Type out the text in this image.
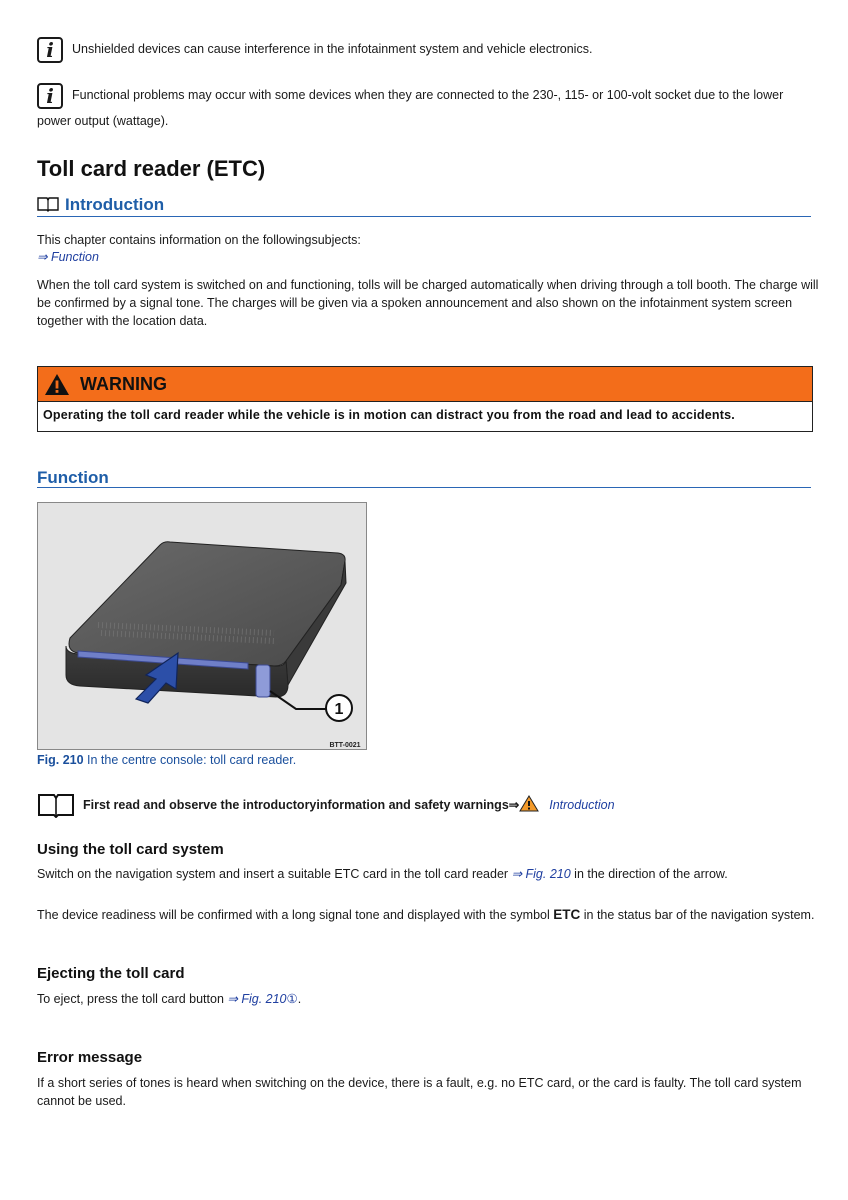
i Unshielded devices can cause interference in the infotainment system and vehicle electronics.
i Functional problems may occur with some devices when they are connected to the 230-, 115- or 100-volt socket due to the lower
power output (wattage).
Toll card reader (ETC)
Introduction
This chapter contains information on the followingsubjects:
⇒ Function
When the toll card system is switched on and functioning, tolls will be charged automatically when driving through a toll booth. The charge will
be confirmed by a signal tone. The charges will be given via a spoken announcement and also shown on the infotainment system screen
together with the location data.
WARNING
Operating the toll card reader while the vehicle is in motion can distract you from the road and lead to accidents.
Function
1
BTT-0021
Fig. 210 In the centre console: toll card reader.
First read and observe the introductoryinformation and safety warnings⇒ Introduction
Using the toll card system
Switch on the navigation system and insert a suitable ETC card in the toll card reader ⇒ Fig. 210 in the direction of the arrow.
The device readiness will be confirmed with a long signal tone and displayed with the symbol ETC in the status bar of the navigation system.
Ejecting the toll card
To eject, press the toll card button ⇒ Fig. 210①.
Error message
If a short series of tones is heard when switching on the device, there is a fault, e.g. no ETC card, or the card is faulty. The toll card system
cannot be used.
